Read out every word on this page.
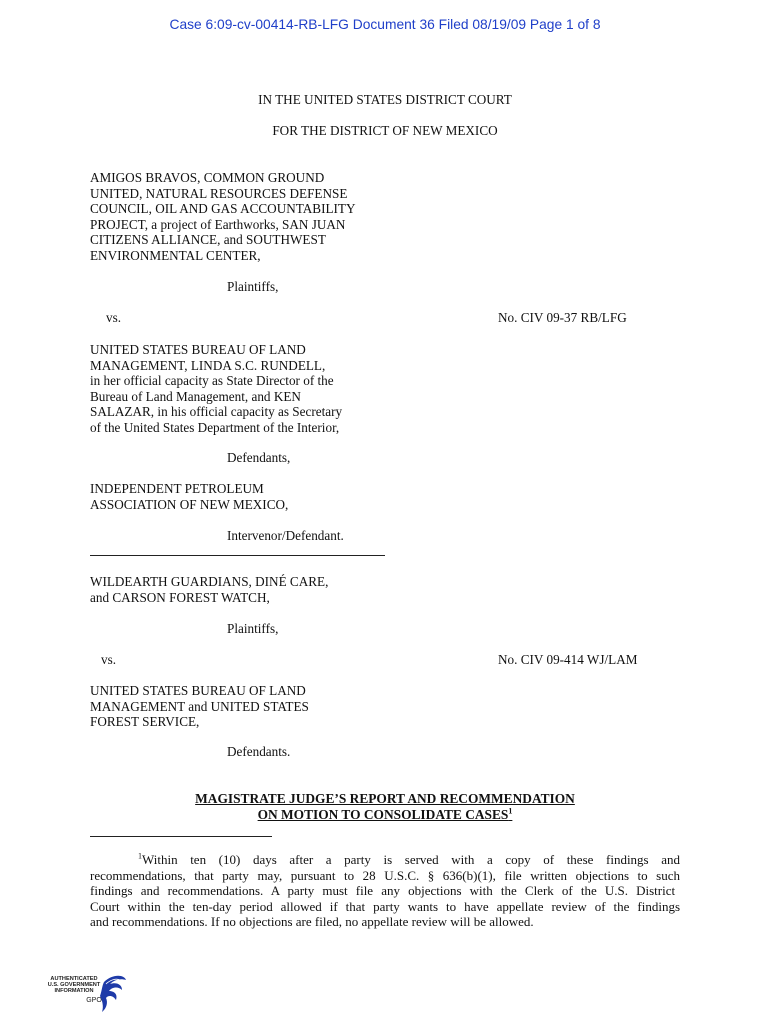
Case 6:09-cv-00414-RB-LFG Document 36 Filed 08/19/09 Page 1 of 8
IN THE UNITED STATES DISTRICT COURT
FOR THE DISTRICT OF NEW MEXICO
AMIGOS BRAVOS, COMMON GROUND
UNITED, NATURAL RESOURCES DEFENSE
COUNCIL, OIL AND GAS ACCOUNTABILITY
PROJECT, a project of Earthworks, SAN JUAN
CITIZENS ALLIANCE, and SOUTHWEST
ENVIRONMENTAL CENTER,
Plaintiffs,
vs.	No. CIV 09-37 RB/LFG
UNITED STATES BUREAU OF LAND
MANAGEMENT, LINDA S.C. RUNDELL,
in her official capacity as State Director of the
Bureau of Land Management, and KEN
SALAZAR, in his official capacity as Secretary
of the United States Department of the Interior,
Defendants,
INDEPENDENT PETROLEUM
ASSOCIATION OF NEW MEXICO,
Intervenor/Defendant.
WILDEARTH GUARDIANS, DINÉ CARE,
and CARSON FOREST WATCH,
Plaintiffs,
vs.	No. CIV 09-414 WJ/LAM
UNITED STATES BUREAU OF LAND
MANAGEMENT and UNITED STATES
FOREST SERVICE,
Defendants.
MAGISTRATE JUDGE’S REPORT AND RECOMMENDATION
ON MOTION TO CONSOLIDATE CASES$^1$
$^1$Within ten (10) days after a party is served with a copy of these findings and
recommendations, that party may, pursuant to 28 U.S.C. § 636(b)(1), file written objections to such
findings and recommendations. A party must file any objections with the Clerk of the U.S. District
Court within the ten-day period allowed if that party wants to have appellate review of the findings
and recommendations. If no objections are filed, no appellate review will be allowed.
AUTHENTICATED
U.S. GOVERNMENT
INFORMATION
GPO
